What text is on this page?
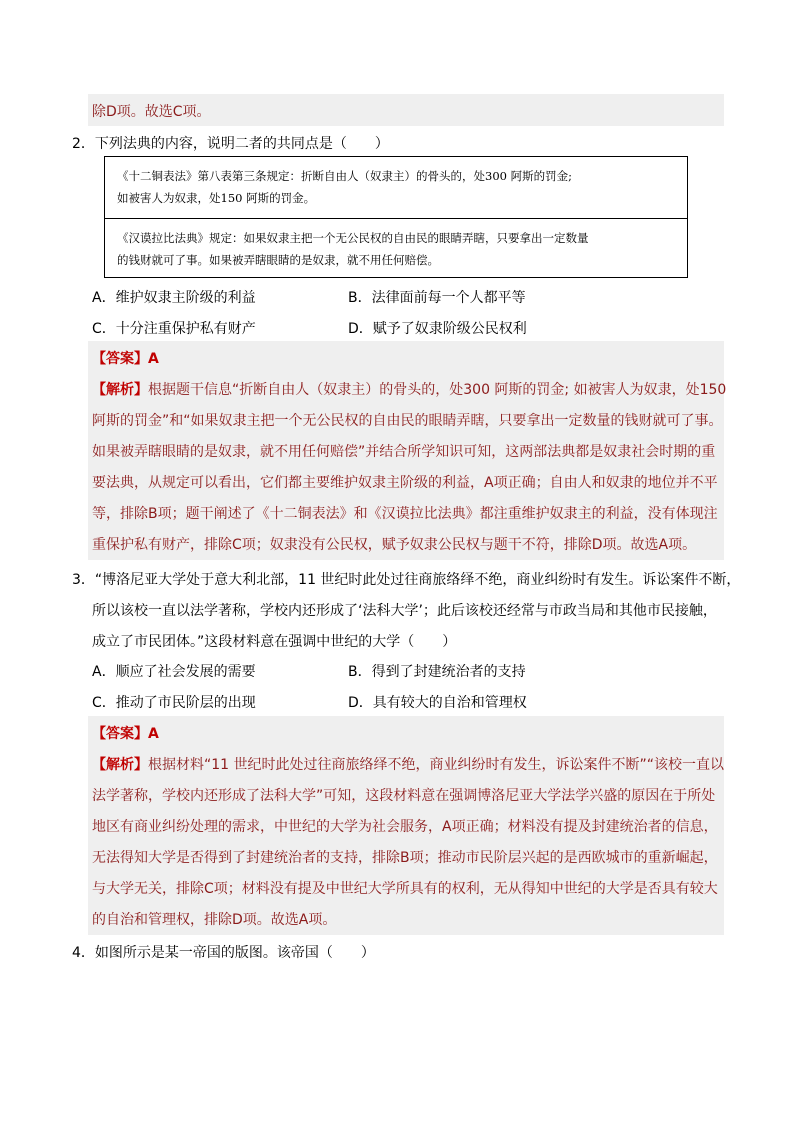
除D项。故选C项。
2．下列法典的内容，说明二者的共同点是（　　）
《十二铜表法》第八表第三条规定：折断自由人（奴隶主）的骨头的，处300 阿斯的罚金;
如被害人为奴隶，处150 阿斯的罚金。
《汉谟拉比法典》规定：如果奴隶主把一个无公民权的自由民的眼睛弄瞎，只要拿出一定数量
的钱财就可了事。如果被弄瞎眼睛的是奴隶，就不用任何赔偿。
A．维护奴隶主阶级的利益	B．法律面前每一个人都平等
C．十分注重保护私有财产	D．赋予了奴隶阶级公民权利
【答案】A
【解析】根据题干信息“折断自由人（奴隶主）的骨头的，处300 阿斯的罚金; 如被害人为奴隶，处150
阿斯的罚金”和“如果奴隶主把一个无公民权的自由民的眼睛弄瞎，只要拿出一定数量的钱财就可了事。
如果被弄瞎眼睛的是奴隶，就不用任何赔偿”并结合所学知识可知，这两部法典都是奴隶社会时期的重
要法典，从规定可以看出，它们都主要维护奴隶主阶级的利益，A项正确；自由人和奴隶的地位并不平
等，排除B项；题干阐述了《十二铜表法》和《汉谟拉比法典》都注重维护奴隶主的利益，没有体现注
重保护私有财产，排除C项；奴隶没有公民权，赋予奴隶公民权与题干不符，排除D项。故选A项。
3．“博洛尼亚大学处于意大利北部，11 世纪时此处过往商旅络绎不绝，商业纠纷时有发生。诉讼案件不断，
所以该校一直以法学著称，学校内还形成了‘法科大学’；此后该校还经常与市政当局和其他市民接触，
成立了市民团体。”这段材料意在强调中世纪的大学（　　）
A．顺应了社会发展的需要	B．得到了封建统治者的支持
C．推动了市民阶层的出现	D．具有较大的自治和管理权
【答案】A
【解析】根据材料“11 世纪时此处过往商旅络绎不绝，商业纠纷时有发生，诉讼案件不断”“该校一直以
法学著称，学校内还形成了法科大学”可知，这段材料意在强调博洛尼亚大学法学兴盛的原因在于所处
地区有商业纠纷处理的需求，中世纪的大学为社会服务，A项正确；材料没有提及封建统治者的信息，
无法得知大学是否得到了封建统治者的支持，排除B项；推动市民阶层兴起的是西欧城市的重新崛起，
与大学无关，排除C项；材料没有提及中世纪大学所具有的权利，无从得知中世纪的大学是否具有较大
的自治和管理权，排除D项。故选A项。
4．如图所示是某一帝国的版图。该帝国（　　）
